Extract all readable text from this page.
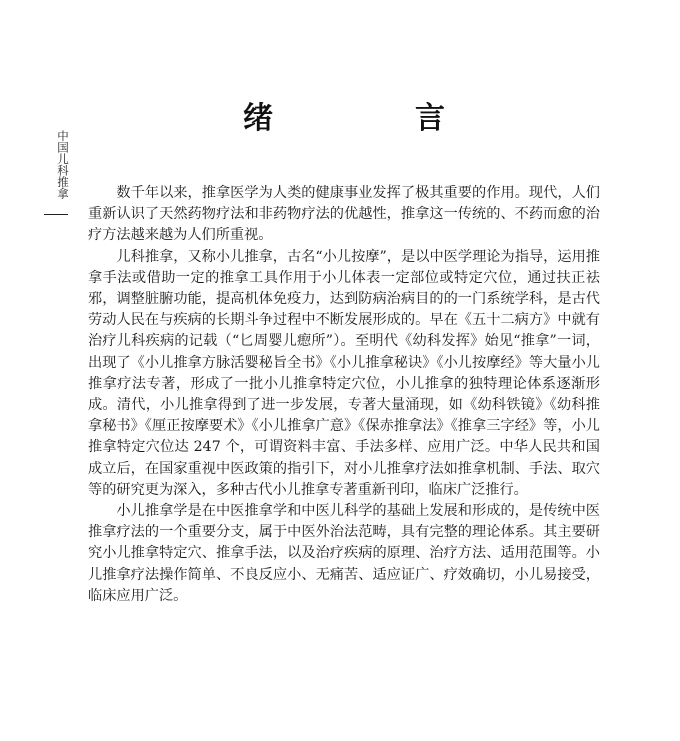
中国儿科推拿
绪　言

数千年以来，推拿医学为人类的健康事业发挥了极其重要的作用。现代，人们重新认识了天然药物疗法和非药物疗法的优越性，推拿这一传统的、不药而愈的治疗方法越来越为人们所重视。

儿科推拿，又称小儿推拿，古名“小儿按摩”，是以中医学理论为指导，运用推拿手法或借助一定的推拿工具作用于小儿体表一定部位或特定穴位，通过扶正祛邪，调整脏腑功能，提高机体免疫力，达到防病治病目的的一门系统学科，是古代劳动人民在与疾病的长期斗争过程中不断发展形成的。早在《五十二病方》中就有治疗儿科疾病的记载（“匕周婴儿瘛所”）。至明代《幼科发挥》始见“推拿”一词，出现了《小儿推拿方脉活婴秘旨全书》《小儿推拿秘诀》《小儿按摩经》等大量小儿推拿疗法专著，形成了一批小儿推拿特定穴位，小儿推拿的独特理论体系逐渐形成。清代，小儿推拿得到了进一步发展，专著大量涌现，如《幼科铁镜》《幼科推拿秘书》《厘正按摩要术》《小儿推拿广意》《保赤推拿法》《推拿三字经》等，小儿推拿特定穴位达 247 个，可谓资料丰富、手法多样、应用广泛。中华人民共和国成立后，在国家重视中医政策的指引下，对小儿推拿疗法如推拿机制、手法、取穴等的研究更为深入，多种古代小儿推拿专著重新刊印，临床广泛推行。

小儿推拿学是在中医推拿学和中医儿科学的基础上发展和形成的，是传统中医推拿疗法的一个重要分支，属于中医外治法范畴，具有完整的理论体系。其主要研究小儿推拿特定穴、推拿手法，以及治疗疾病的原理、治疗方法、适用范围等。小儿推拿疗法操作简单、不良反应小、无痛苦、适应证广、疗效确切，小儿易接受，临床应用广泛。
